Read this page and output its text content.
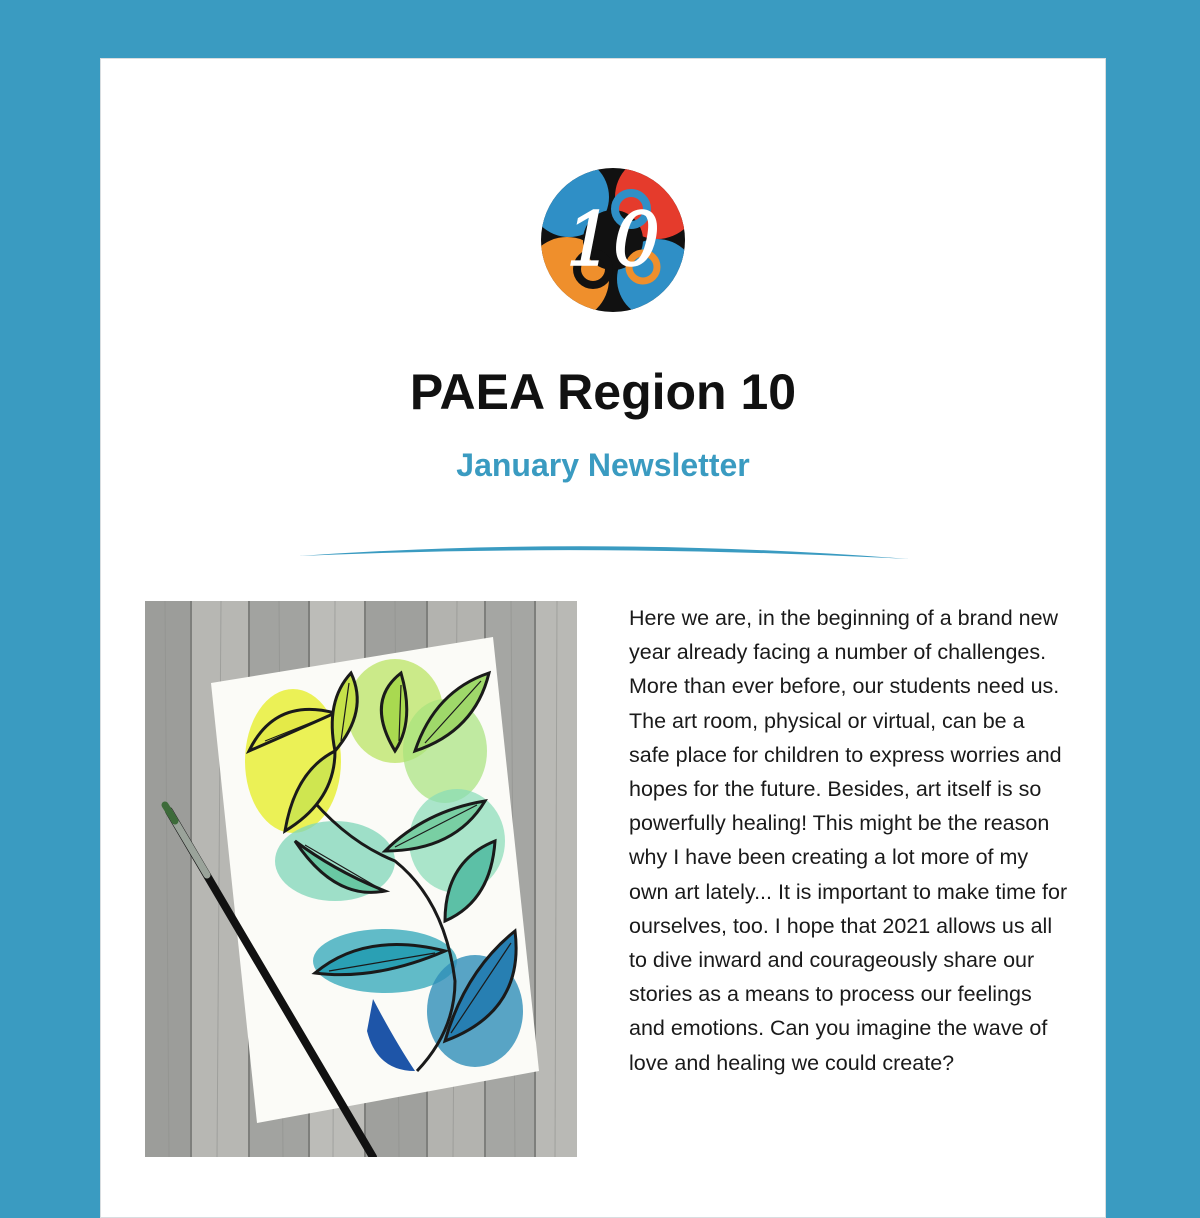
10
PAEA Region 10
January Newsletter

Here we are, in the beginning of a brand new year already facing a number of challenges. More than ever before, our students need us. The art room, physical or virtual, can be a safe place for children to express worries and hopes for the future. Besides, art itself is so powerfully healing! This might be the reason why I have been creating a lot more of my own art lately... It is important to make time for ourselves, too. I hope that 2021 allows us all to dive inward and courageously share our stories as a means to process our feelings and emotions. Can you imagine the wave of love and healing we could create?
